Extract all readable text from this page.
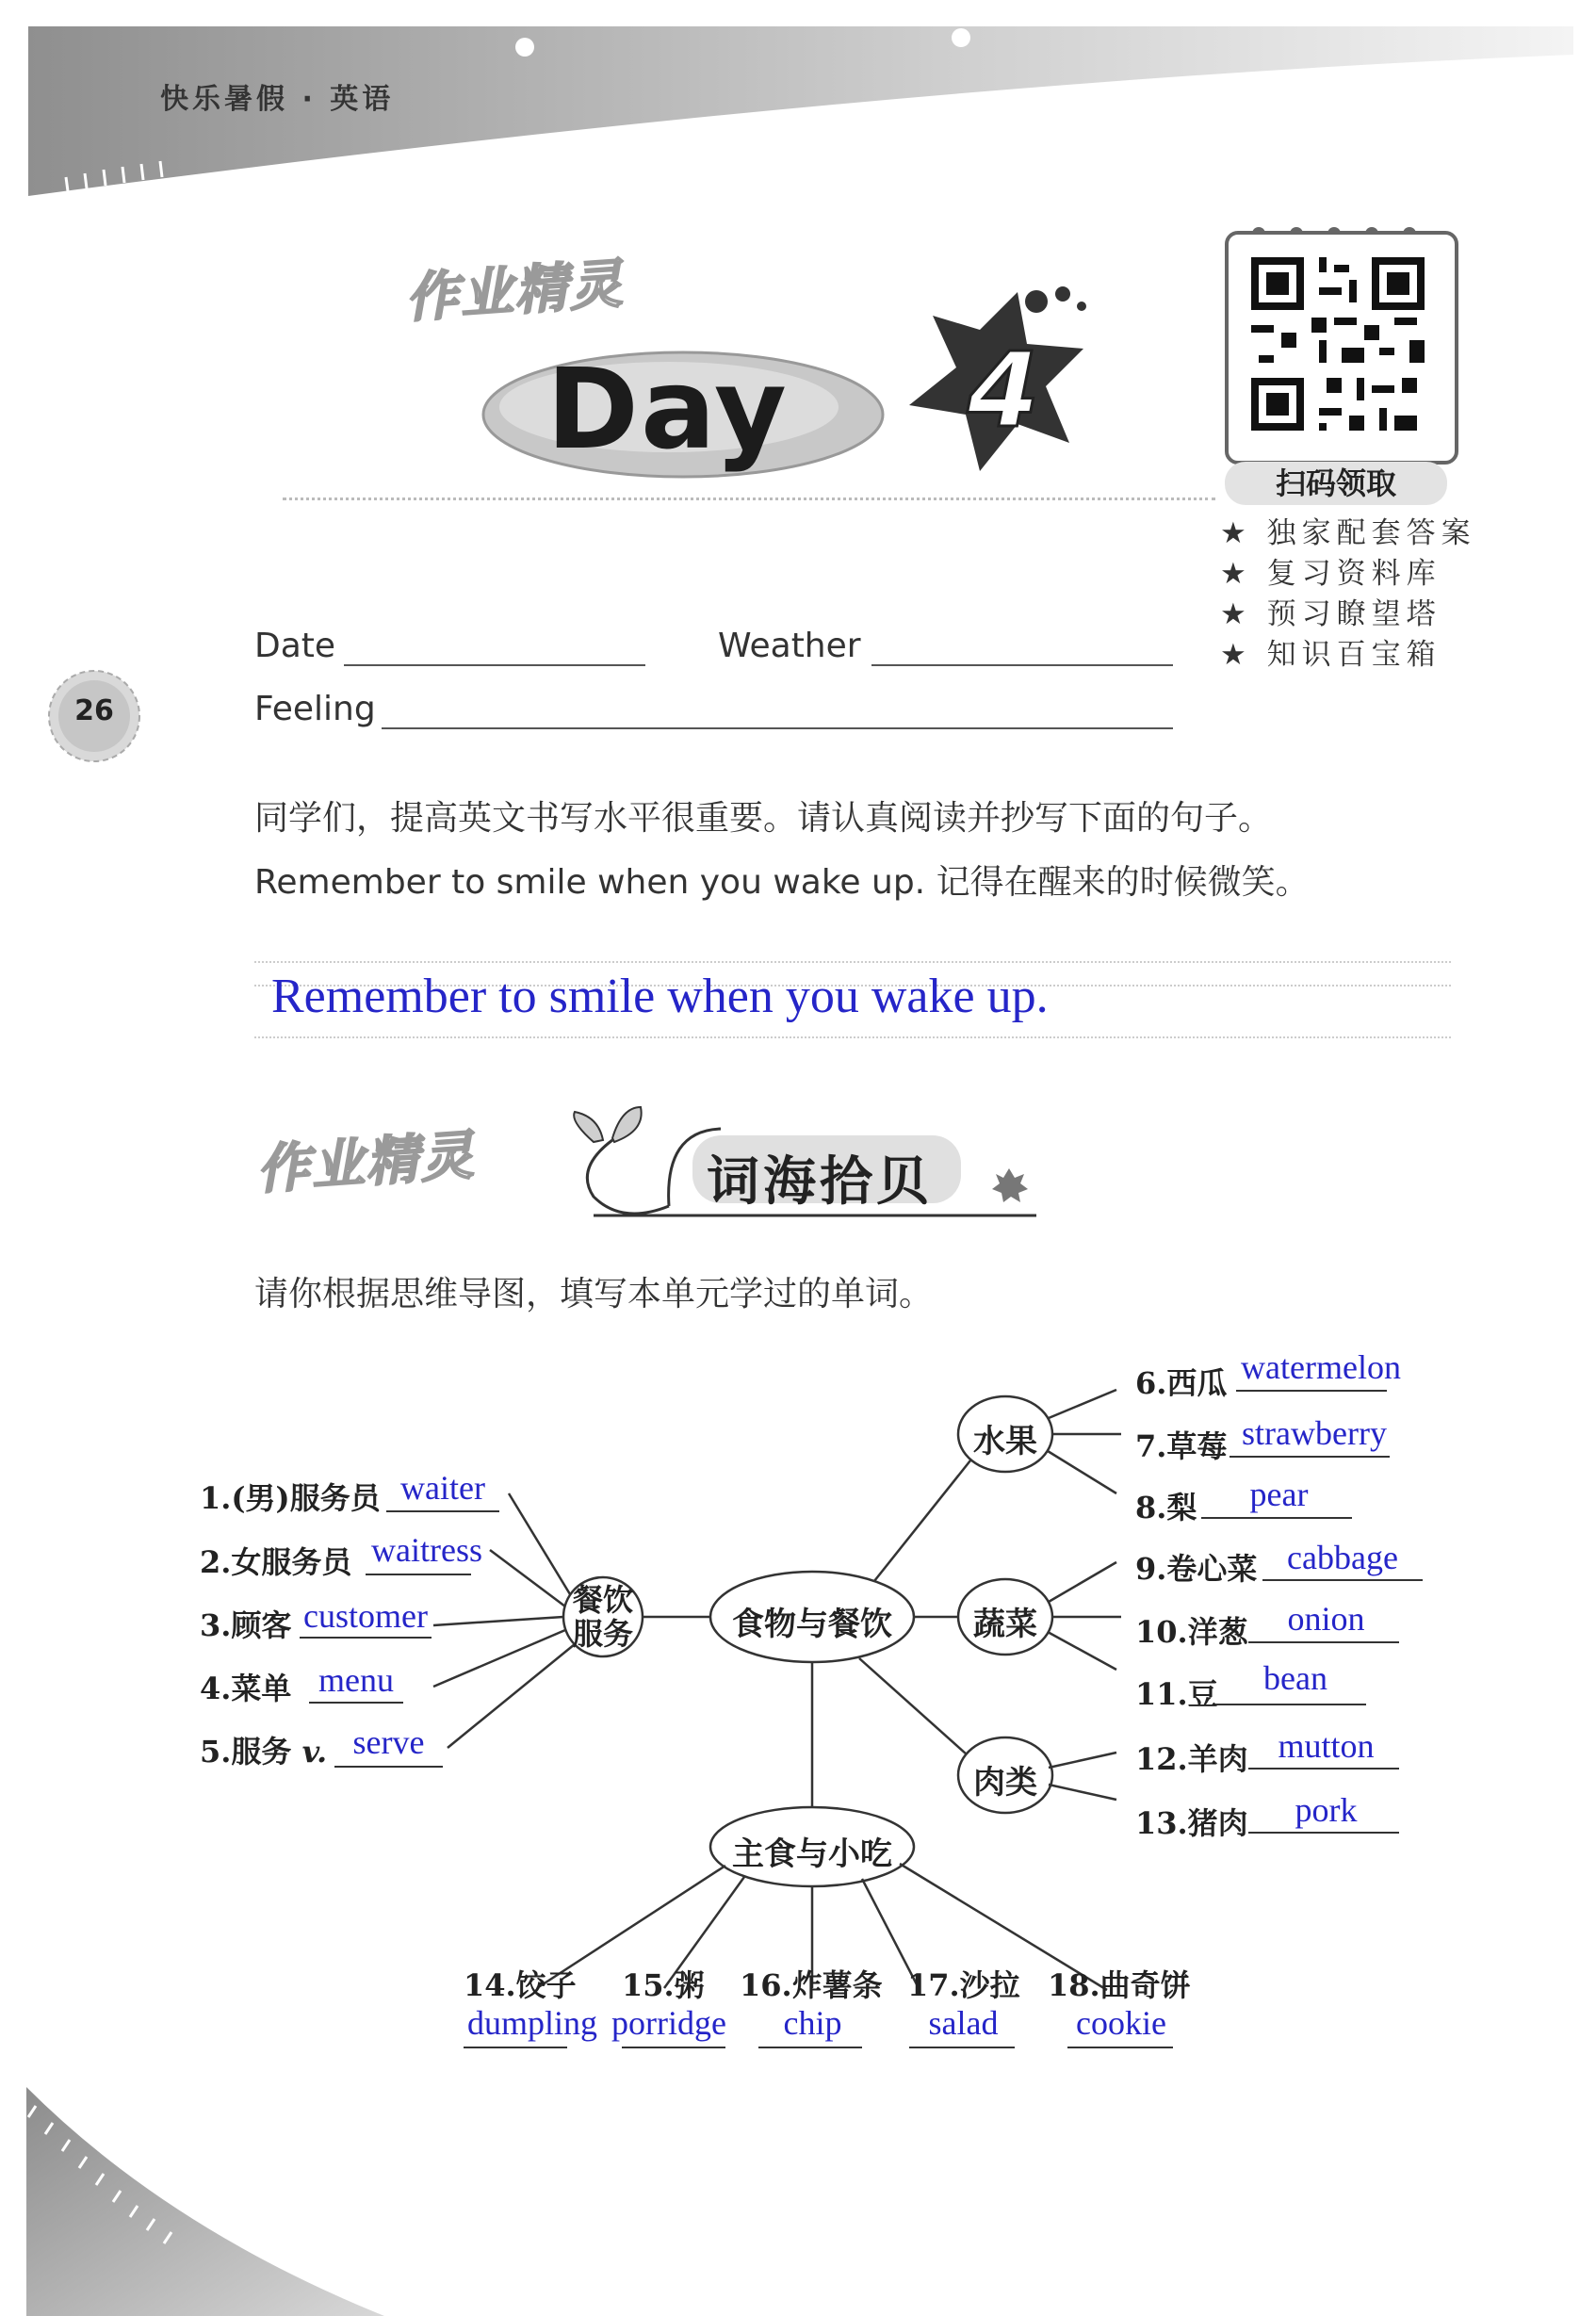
快乐暑假 · 英语
作业精灵
作业精灵
Day 4
扫码领取
★ 独家配套答案
★ 复习资料库
★ 预习瞭望塔
★ 知识百宝箱
26
Date	Weather
Feeling
同学们，提高英文书写水平很重要。请认真阅读并抄写下面的句子。
Remember to smile when you wake up. 记得在醒来的时候微笑。
Remember to smile when you wake up.
词海拾贝
请你根据思维导图，填写本单元学过的单词。
餐饮
服务	食物与餐饮
水果
蔬菜
肉类
主食与小吃
1.(男)服务员 waiter
2.女服务员 waitress
3.顾客 customer
4.菜单 menu
5.服务 v. serve
6.西瓜 watermelon
7.草莓 strawberry
8.梨	pear
9.卷心菜 cabbage
10.洋葱	onion
11.豆	bean
12.羊肉 mutton
13.猪肉	pork
14.饺子
dumpling
15.粥
porridge
16.炸薯条
chip
17.沙拉
salad
18.曲奇饼
cookie
